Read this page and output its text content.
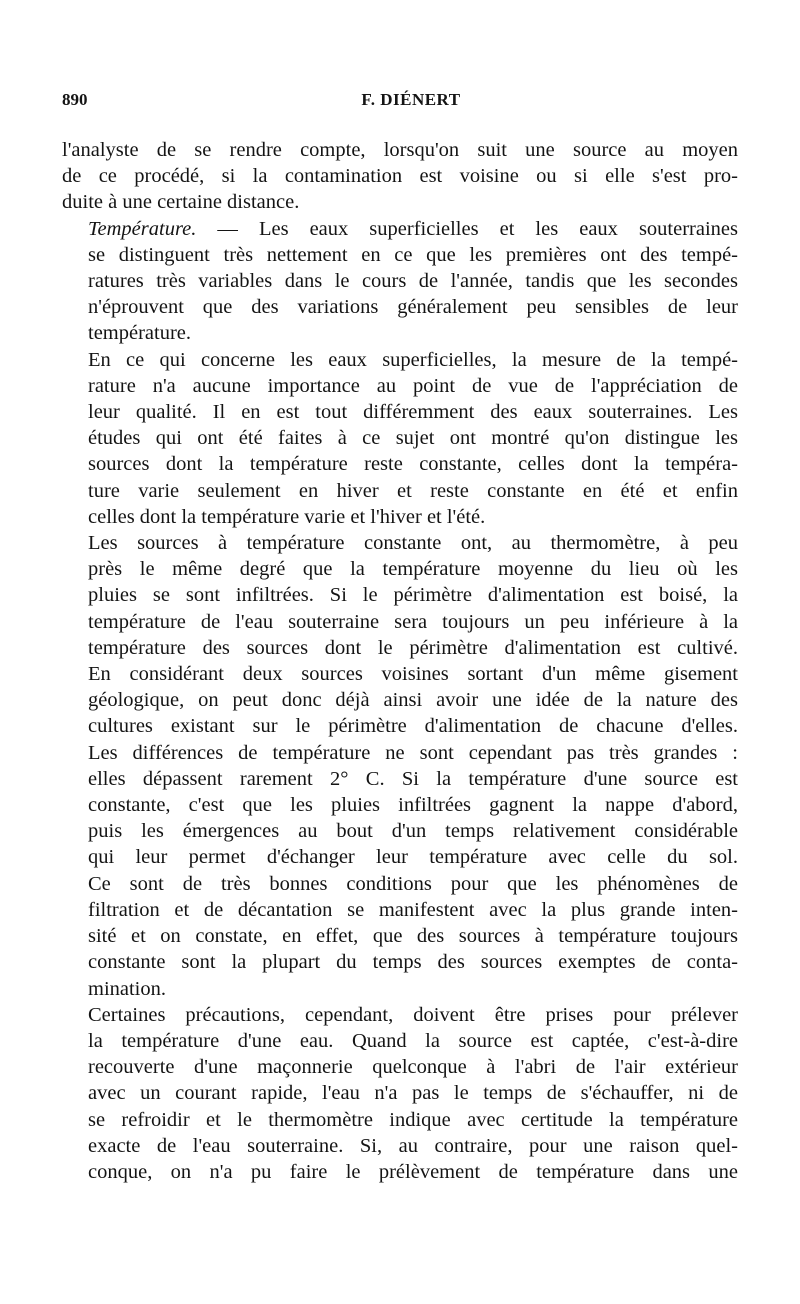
890	F. DIÉNERT

l'analyste de se rendre compte, lorsqu'on suit une source au moyen
de ce procédé, si la contamination est voisine ou si elle s'est pro-
duite à une certaine distance.

Température. — Les eaux superficielles et les eaux souterraines
se distinguent très nettement en ce que les premières ont des tempé-
ratures très variables dans le cours de l'année, tandis que les secondes
n'éprouvent que des variations généralement peu sensibles de leur
température.

En ce qui concerne les eaux superficielles, la mesure de la tempé-
rature n'a aucune importance au point de vue de l'appréciation de
leur qualité. Il en est tout différemment des eaux souterraines. Les
études qui ont été faites à ce sujet ont montré qu'on distingue les
sources dont la température reste constante, celles dont la tempéra-
ture varie seulement en hiver et reste constante en été et enfin
celles dont la température varie et l'hiver et l'été.

Les sources à température constante ont, au thermomètre, à peu
près le même degré que la température moyenne du lieu où les
pluies se sont infiltrées. Si le périmètre d'alimentation est boisé, la
température de l'eau souterraine sera toujours un peu inférieure à la
température des sources dont le périmètre d'alimentation est cultivé.
En considérant deux sources voisines sortant d'un même gisement
géologique, on peut donc déjà ainsi avoir une idée de la nature des
cultures existant sur le périmètre d'alimentation de chacune d'elles.
Les différences de température ne sont cependant pas très grandes :
elles dépassent rarement 2° C. Si la température d'une source est
constante, c'est que les pluies infiltrées gagnent la nappe d'abord,
puis les émergences au bout d'un temps relativement considérable
qui leur permet d'échanger leur température avec celle du sol.
Ce sont de très bonnes conditions pour que les phénomènes de
filtration et de décantation se manifestent avec la plus grande inten-
sité et on constate, en effet, que des sources à température toujours
constante sont la plupart du temps des sources exemptes de conta-
mination.

Certaines précautions, cependant, doivent être prises pour prélever
la température d'une eau. Quand la source est captée, c'est-à-dire
recouverte d'une maçonnerie quelconque à l'abri de l'air extérieur
avec un courant rapide, l'eau n'a pas le temps de s'échauffer, ni de
se refroidir et le thermomètre indique avec certitude la température
exacte de l'eau souterraine. Si, au contraire, pour une raison quel-
conque, on n'a pu faire le prélèvement de température dans une
